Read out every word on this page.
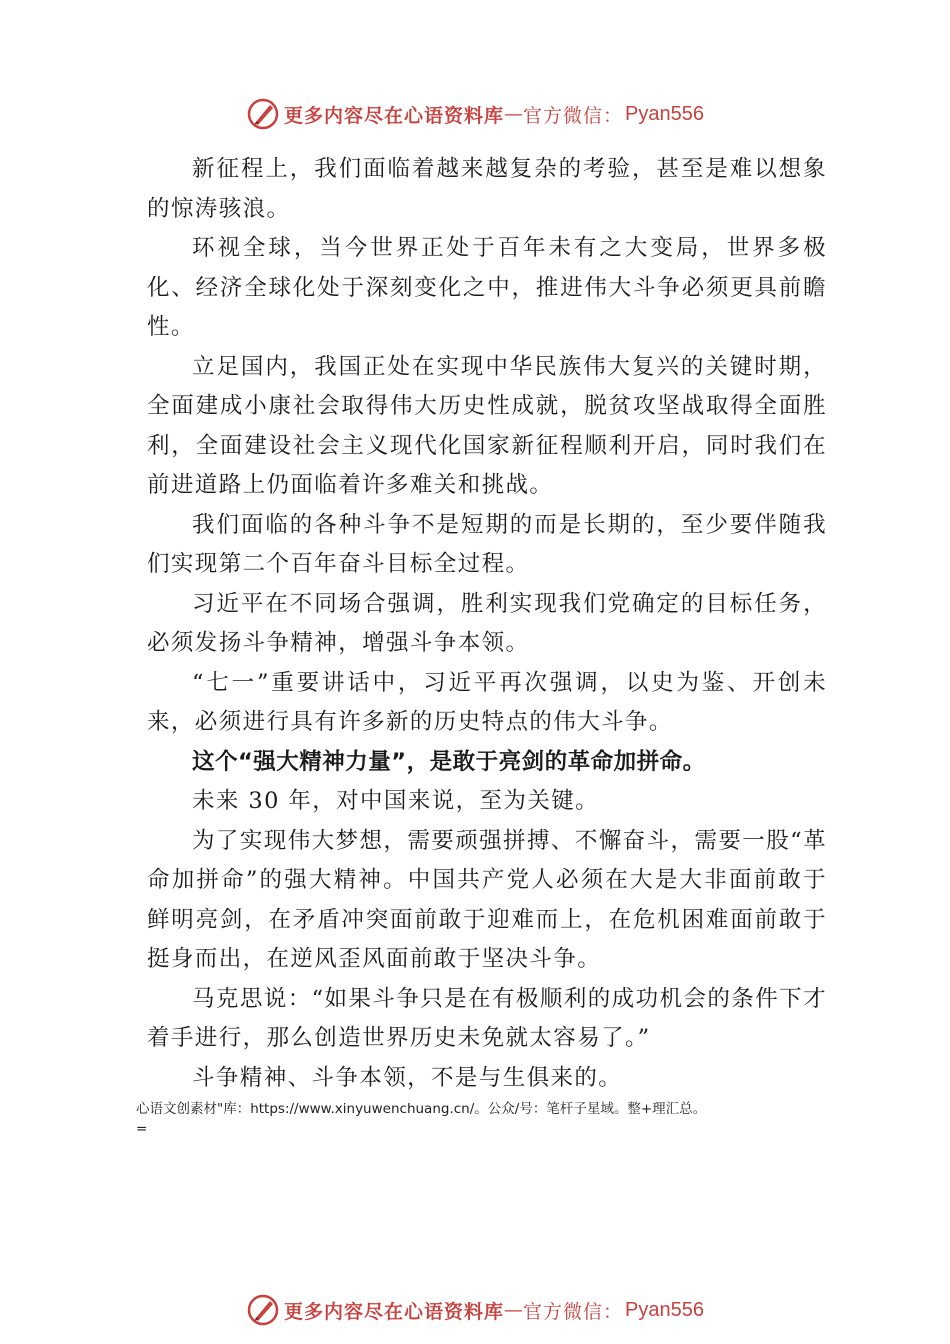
更多内容尽在心语资料库 — 官方微信： Pyan556

新征程上，我们面临着越来越复杂的考验，甚至是难以想象的惊涛骇浪。

环视全球，当今世界正处于百年未有之大变局，世界多极化、经济全球化处于深刻变化之中，推进伟大斗争必须更具前瞻性。

立足国内，我国正处在实现中华民族伟大复兴的关键时期，全面建成小康社会取得伟大历史性成就，脱贫攻坚战取得全面胜利，全面建设社会主义现代化国家新征程顺利开启，同时我们在前进道路上仍面临着许多难关和挑战。

我们面临的各种斗争不是短期的而是长期的，至少要伴随我们实现第二个百年奋斗目标全过程。

习近平在不同场合强调，胜利实现我们党确定的目标任务，必须发扬斗争精神，增强斗争本领。

“七一”重要讲话中，习近平再次强调，以史为鉴、开创未来，必须进行具有许多新的历史特点的伟大斗争。

这个“强大精神力量”，是敢于亮剑的革命加拼命。

未来 30 年，对中国来说，至为关键。

为了实现伟大梦想，需要顽强拼搏、不懈奋斗，需要一股“革命加拼命”的强大精神。中国共产党人必须在大是大非面前敢于鲜明亮剑，在矛盾冲突面前敢于迎难而上，在危机困难面前敢于挺身而出，在逆风歪风面前敢于坚决斗争。

马克思说：“如果斗争只是在有极顺利的成功机会的条件下才着手进行，那么创造世界历史未免就太容易了。”

斗争精神、斗争本领，不是与生俱来的。

心语文创素材"库：https://www.xinyuwenchuang.cn/。公众/号：笔杆子星域。整+理汇总。
=
更多内容尽在心语资料库 — 官方微信： Pyan556
